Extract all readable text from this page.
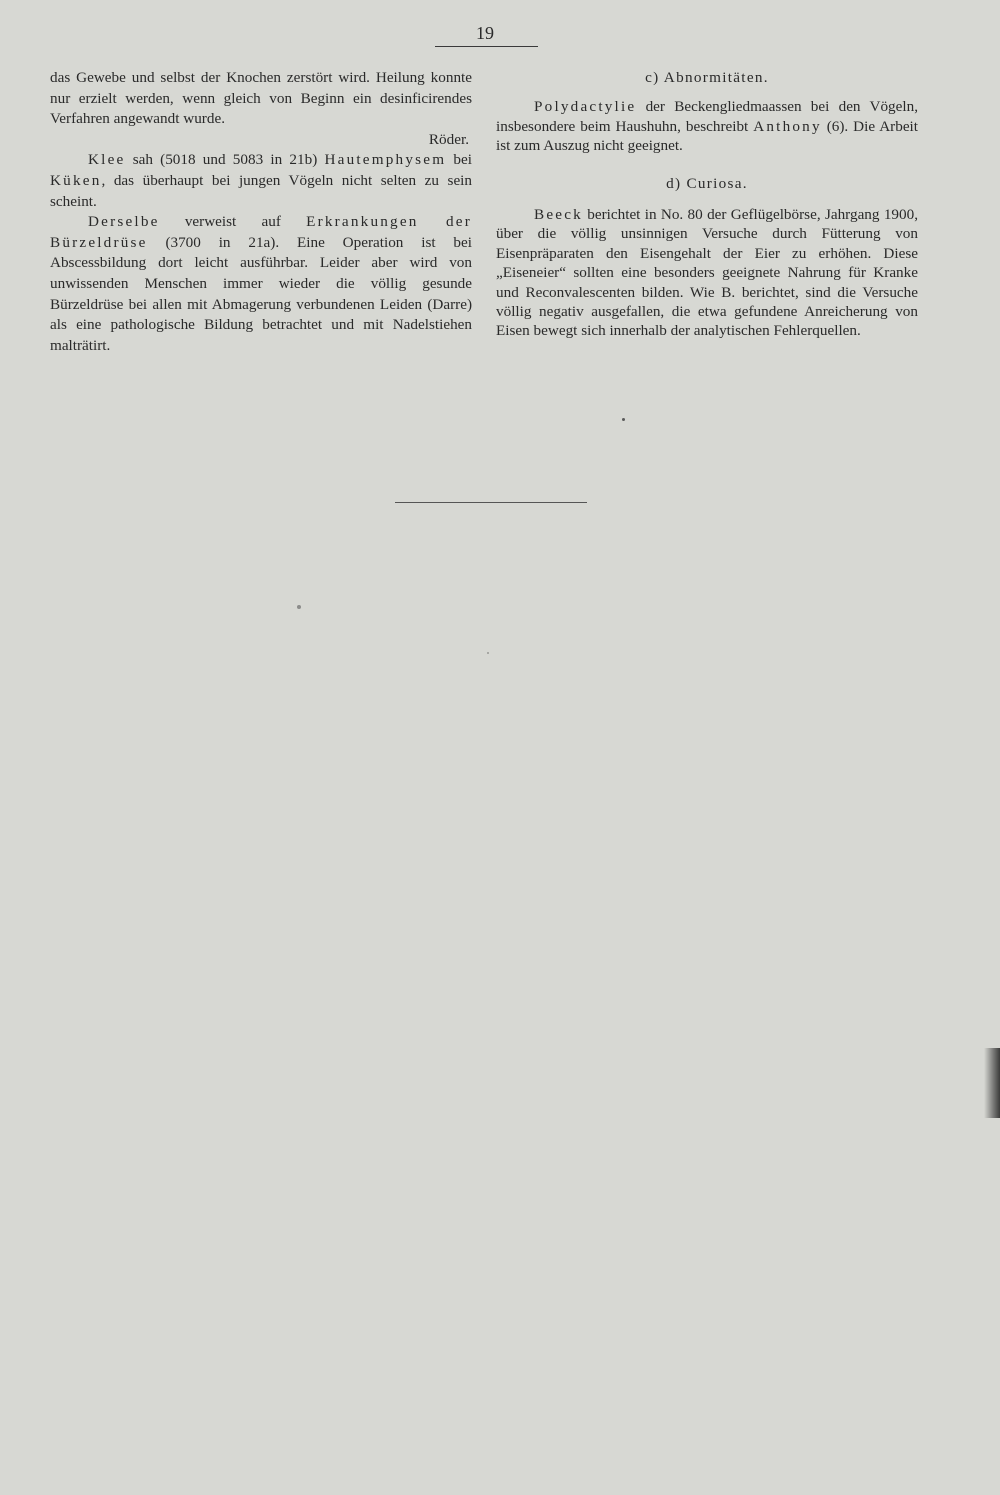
19

das Gewebe und selbst der Knochen zerstört wird. Heilung konnte nur erzielt werden, wenn gleich von Beginn ein desinficirendes Verfahren angewandt wurde.

Röder.

Klee sah (5018 und 5083 in 21b) Hautemphysem bei Küken, das überhaupt bei jungen Vögeln nicht selten zu sein scheint.

Derselbe verweist auf Erkrankungen der Bürzeldrüse (3700 in 21a). Eine Operation ist bei Abscessbildung dort leicht ausführbar. Leider aber wird von unwissenden Menschen immer wieder die völlig gesunde Bürzeldrüse bei allen mit Abmagerung verbundenen Leiden (Darre) als eine pathologische Bildung betrachtet und mit Nadelstiehen malträtirt.

c) Abnormitäten.

Polydactylie der Beckengliedmaassen bei den Vögeln, insbesondere beim Haushuhn, beschreibt Anthony (6). Die Arbeit ist zum Auszug nicht geeignet.

d) Curiosa.

Beeck berichtet in No. 80 der Geflügelbörse, Jahrgang 1900, über die völlig unsinnigen Versuche durch Fütterung von Eisenpräparaten den Eisengehalt der Eier zu erhöhen. Diese „Eiseneier“ sollten eine besonders geeignete Nahrung für Kranke und Reconvalescenten bilden. Wie B. berichtet, sind die Versuche völlig negativ ausgefallen, die etwa gefundene Anreicherung von Eisen bewegt sich innerhalb der analytischen Fehlerquellen.
